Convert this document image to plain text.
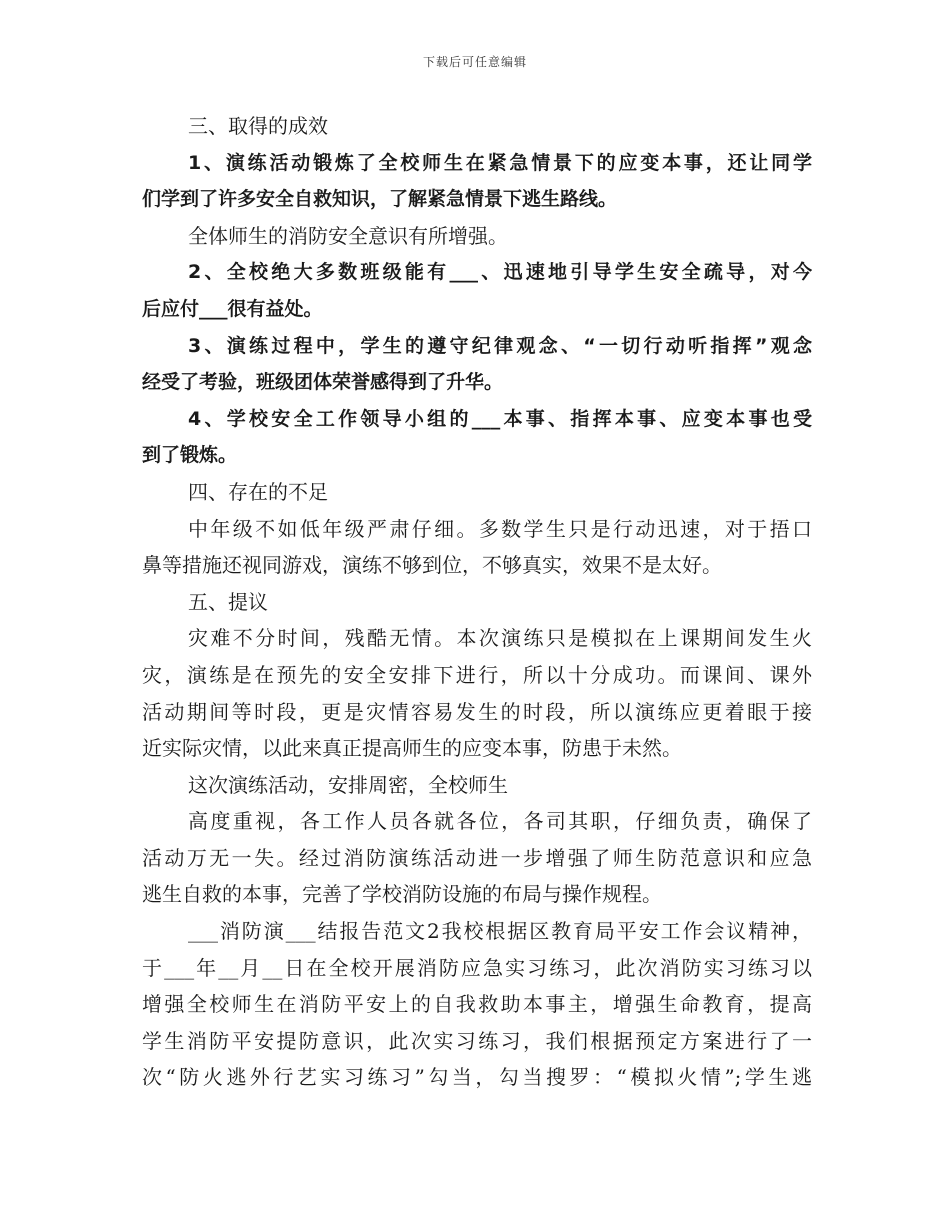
下载后可任意编辑
三、取得的成效
1、演练活动锻炼了全校师生在紧急情景下的应变本事，还让同学
们学到了许多安全自救知识，了解紧急情景下逃生路线。
全体师生的消防安全意识有所增强。
2、全校绝大多数班级能有___、迅速地引导学生安全疏导，对今
后应付___很有益处。
3、演练过程中，学生的遵守纪律观念、“一切行动听指挥”观念
经受了考验，班级团体荣誉感得到了升华。
4、学校安全工作领导小组的___本事、指挥本事、应变本事也受
到了锻炼。
四、存在的不足
中年级不如低年级严肃仔细。多数学生只是行动迅速，对于捂口
鼻等措施还视同游戏，演练不够到位，不够真实，效果不是太好。
五、提议
灾难不分时间，残酷无情。本次演练只是模拟在上课期间发生火
灾，演练是在预先的安全安排下进行，所以十分成功。而课间、课外
活动期间等时段，更是灾情容易发生的时段，所以演练应更着眼于接
近实际灾情，以此来真正提高师生的应变本事，防患于未然。
这次演练活动，安排周密，全校师生
高度重视，各工作人员各就各位，各司其职，仔细负责，确保了
活动万无一失。经过消防演练活动进一步增强了师生防范意识和应急
逃生自救的本事，完善了学校消防设施的布局与操作规程。
___消防演___结报告范文2我校根据区教育局平安工作会议精神，
于___年__月__日在全校开展消防应急实习练习，此次消防实习练习以
增强全校师生在消防平安上的自我救助本事主，增强生命教育，提高
学生消防平安提防意识，此次实习练习，我们根据预定方案进行了一
次“防火逃外行艺实习练习”勾当，勾当搜罗：“模拟火情”;学生逃
